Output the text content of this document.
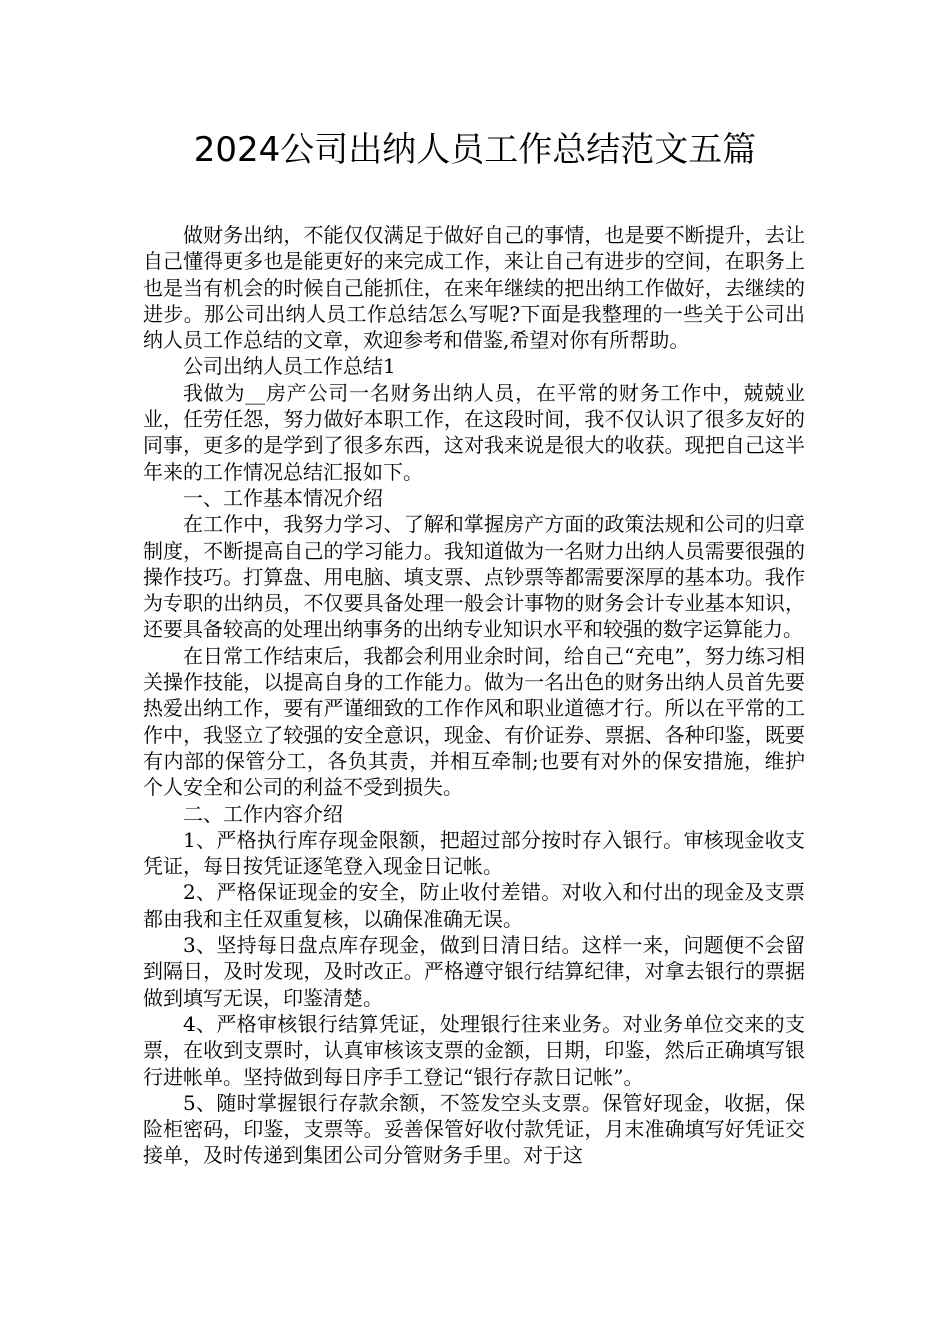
2024公司出纳人员工作总结范文五篇

做财务出纳，不能仅仅满足于做好自己的事情，也是要不断提升，去让自己懂得更多也是能更好的来完成工作，来让自己有进步的空间，在职务上也是当有机会的时候自己能抓住，在来年继续的把出纳工作做好，去继续的进步。那公司出纳人员工作总结怎么写呢?下面是我整理的一些关于公司出纳人员工作总结的文章，欢迎参考和借鉴,希望对你有所帮助。

公司出纳人员工作总结1

我做为__房产公司一名财务出纳人员，在平常的财务工作中，兢兢业业，任劳任怨，努力做好本职工作，在这段时间，我不仅认识了很多友好的同事，更多的是学到了很多东西，这对我来说是很大的收获。现把自己这半年来的工作情况总结汇报如下。

一、工作基本情况介绍

在工作中，我努力学习、了解和掌握房产方面的政策法规和公司的归章制度，不断提高自己的学习能力。我知道做为一名财力出纳人员需要很强的操作技巧。打算盘、用电脑、填支票、点钞票等都需要深厚的基本功。我作为专职的出纳员，不仅要具备处理一般会计事物的财务会计专业基本知识，还要具备较高的处理出纳事务的出纳专业知识水平和较强的数字运算能力。

在日常工作结束后，我都会利用业余时间，给自己“充电”，努力练习相关操作技能，以提高自身的工作能力。做为一名出色的财务出纳人员首先要热爱出纳工作，要有严谨细致的工作作风和职业道德才行。所以在平常的工作中，我竖立了较强的安全意识，现金、有价证券、票据、各种印鉴，既要有内部的保管分工，各负其责，并相互牵制;也要有对外的保安措施，维护个人安全和公司的利益不受到损失。

二、工作内容介绍

1、严格执行库存现金限额，把超过部分按时存入银行。审核现金收支凭证，每日按凭证逐笔登入现金日记帐。

2、严格保证现金的安全，防止收付差错。对收入和付出的现金及支票都由我和主任双重复核，以确保准确无误。

3、坚持每日盘点库存现金，做到日清日结。这样一来，问题便不会留到隔日，及时发现，及时改正。严格遵守银行结算纪律，对拿去银行的票据做到填写无误，印鉴清楚。

4、严格审核银行结算凭证，处理银行往来业务。对业务单位交来的支票，在收到支票时，认真审核该支票的金额，日期，印鉴，然后正确填写银行进帐单。坚持做到每日序手工登记“银行存款日记帐”。

5、随时掌握银行存款余额，不签发空头支票。保管好现金，收据，保险柜密码，印鉴，支票等。妥善保管好收付款凭证，月末准确填写好凭证交接单，及时传递到集团公司分管财务手里。对于这
